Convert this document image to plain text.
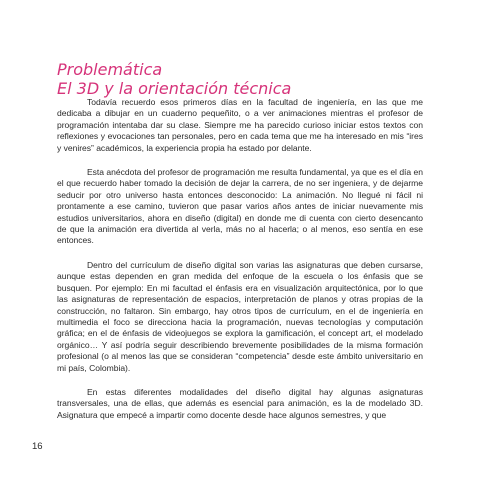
Problemática
El 3D y la orientación técnica

Todavía recuerdo esos primeros días en la facultad de ingeniería, en las que me dedicaba a dibujar en un cuaderno pequeñito, o a ver animaciones mientras el profesor de programación intentaba dar su clase. Siempre me ha parecido curioso iniciar estos textos con reflexiones y evocaciones tan personales, pero en cada tema que me ha interesado en mis “ires y venires” académicos, la experiencia propia ha estado por delante.

Esta anécdota del profesor de programación me resulta fundamental, ya que es el día en el que recuerdo haber tomado la decisión de dejar la carrera, de no ser ingeniera, y de dejarme seducir por otro universo hasta entonces desconocido: La animación. No llegué ni fácil ni prontamente a ese camino, tuvieron que pasar varios años antes de iniciar nuevamente mis estudios universitarios, ahora en diseño (digital) en donde me di cuenta con cierto desencanto de que la animación era divertida al verla, más no al hacerla; o al menos, eso sentía en ese entonces.

Dentro del currículum de diseño digital son varias las asignaturas que deben cursarse, aunque estas dependen en gran medida del enfoque de la escuela o los énfasis que se busquen. Por ejemplo: En mi facultad el énfasis era en visualización arquitectónica, por lo que las asignaturas de representación de espacios, interpretación de planos y otras propias de la construcción, no faltaron. Sin embargo, hay otros tipos de currículum, en el de ingeniería en multimedia el foco se direcciona hacia la programación, nuevas tecnologías y computación gráfica; en el de énfasis de videojuegos se explora la gamificación, el concept art, el modelado orgánico… Y así podría seguir describiendo brevemente posibilidades de la misma formación profesional (o al menos las que se consideran “competencia” desde este ámbito universitario en mi país, Colombia).

En estas diferentes modalidades del diseño digital hay algunas asignaturas transversales, una de ellas, que además es esencial para animación, es la de modelado 3D. Asignatura que empecé a impartir como docente desde hace algunos semestres, y que

16
